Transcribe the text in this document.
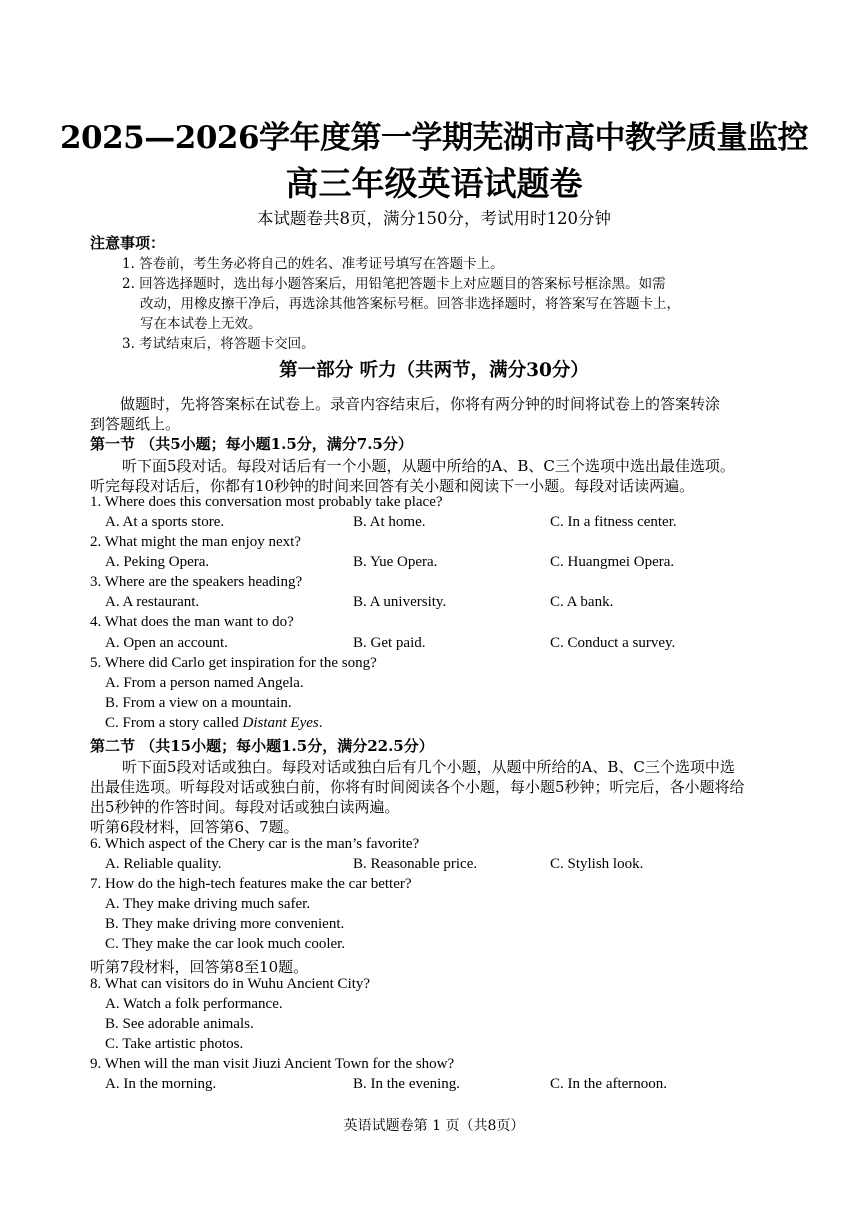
2025—2026学年度第一学期芜湖市高中教学质量监控
高三年级英语试题卷
本试题卷共8页，满分150分，考试用时120分钟
注意事项：
1. 答卷前，考生务必将自己的姓名、准考证号填写在答题卡上。
2. 回答选择题时，选出每小题答案后，用铅笔把答题卡上对应题目的答案标号框涂黑。如需
改动，用橡皮擦干净后，再选涂其他答案标号框。回答非选择题时，将答案写在答题卡上，
写在本试卷上无效。
3. 考试结束后，将答题卡交回。
第一部分 听力（共两节，满分30分）
做题时，先将答案标在试卷上。录音内容结束后，你将有两分钟的时间将试卷上的答案转涂
到答题纸上。
第一节 （共5小题；每小题1.5分，满分7.5分）
听下面5段对话。每段对话后有一个小题，从题中所给的A、B、C三个选项中选出最佳选项。
听完每段对话后，你都有10秒钟的时间来回答有关小题和阅读下一小题。每段对话读两遍。
1. Where does this conversation most probably take place?
A. At a sports store.	B. At home.	C. In a fitness center.
2. What might the man enjoy next?
A. Peking Opera.	B. Yue Opera.	C. Huangmei Opera.
3. Where are the speakers heading?
A. A restaurant.	B. A university.	C. A bank.
4. What does the man want to do?
A. Open an account.	B. Get paid.	C. Conduct a survey.
5. Where did Carlo get inspiration for the song?
A. From a person named Angela.
B. From a view on a mountain.
C. From a story called Distant Eyes.
第二节 （共15小题；每小题1.5分，满分22.5分）
听下面5段对话或独白。每段对话或独白后有几个小题，从题中所给的A、B、C三个选项中选
出最佳选项。听每段对话或独白前，你将有时间阅读各个小题，每小题5秒钟；听完后，各小题将给
出5秒钟的作答时间。每段对话或独白读两遍。
听第6段材料，回答第6、7题。
6. Which aspect of the Chery car is the man’s favorite?
A. Reliable quality.	B. Reasonable price.	C. Stylish look.
7. How do the high-tech features make the car better?
A. They make driving much safer.
B. They make driving more convenient.
C. They make the car look much cooler.
听第7段材料，回答第8至10题。
8. What can visitors do in Wuhu Ancient City?
A. Watch a folk performance.
B. See adorable animals.
C. Take artistic photos.
9. When will the man visit Jiuzi Ancient Town for the show?
A. In the morning.	B. In the evening.	C. In the afternoon.
英语试题卷第 1 页（共8页）
